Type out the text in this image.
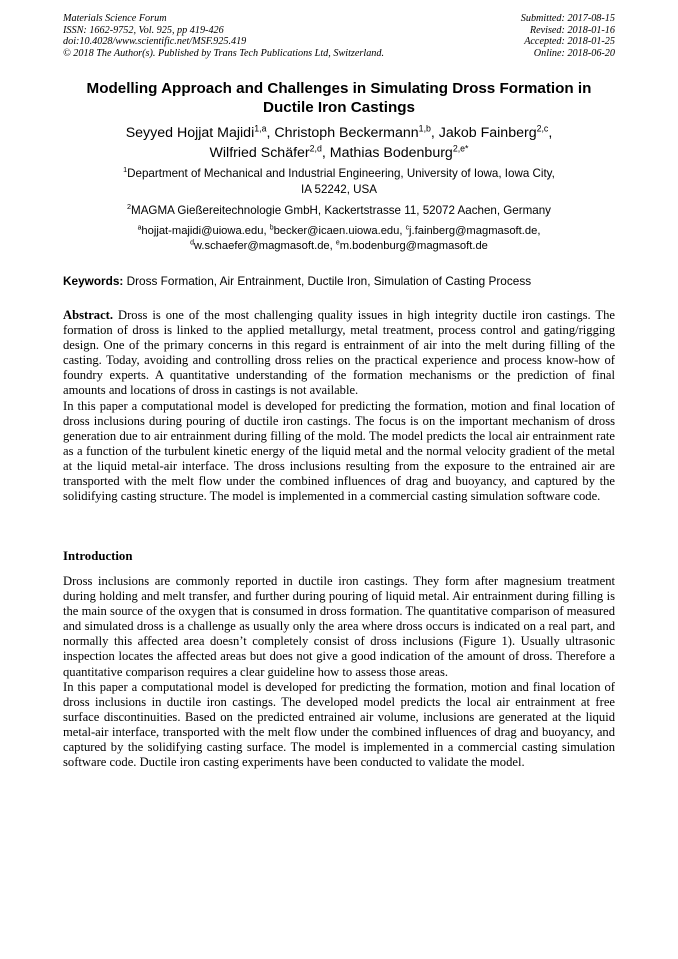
Materials Science Forum
ISSN: 1662-9752, Vol. 925, pp 419-426
doi:10.4028/www.scientific.net/MSF.925.419
© 2018 The Author(s). Published by Trans Tech Publications Ltd, Switzerland.
Submitted: 2017-08-15
Revised: 2018-01-16
Accepted: 2018-01-25
Online: 2018-06-20
Modelling Approach and Challenges in Simulating Dross Formation in Ductile Iron Castings
Seyyed Hojjat Majidi$^{1,a}$, Christoph Beckermann$^{1,b}$, Jakob Fainberg$^{2,c}$,
Wilfried Schäfer$^{2,d}$, Mathias Bodenburg$^{2,e*}$
$^1$Department of Mechanical and Industrial Engineering, University of Iowa, Iowa City,
IA 52242, USA
$^2$MAGMA Gießereitechnologie GmbH, Kackertstrasse 11, 52072 Aachen, Germany
$^a$hojjat-majidi@uiowa.edu, $^b$becker@icaen.uiowa.edu, $^c$j.fainberg@magmasoft.de,
$^d$w.schaefer@magmasoft.de, $^e$m.bodenburg@magmasoft.de
Keywords: Dross Formation, Air Entrainment, Ductile Iron, Simulation of Casting Process

Abstract. Dross is one of the most challenging quality issues in high integrity ductile iron castings. The formation of dross is linked to the applied metallurgy, metal treatment, process control and gating/rigging design. One of the primary concerns in this regard is entrainment of air into the melt during filling of the casting. Today, avoiding and controlling dross relies on the practical experience and process know-how of foundry experts. A quantitative understanding of the formation mechanisms or the prediction of final amounts and locations of dross in castings is not available.

In this paper a computational model is developed for predicting the formation, motion and final location of dross inclusions during pouring of ductile iron castings. The focus is on the important mechanism of dross generation due to air entrainment during filling of the mold. The model predicts the local air entrainment rate as a function of the turbulent kinetic energy of the liquid metal and the normal velocity gradient of the metal at the liquid metal-air interface. The dross inclusions resulting from the exposure to the entrained air are transported with the melt flow under the combined influences of drag and buoyancy, and captured by the solidifying casting structure. The model is implemented in a commercial casting simulation software code.

Introduction

Dross inclusions are commonly reported in ductile iron castings. They form after magnesium treatment during holding and melt transfer, and further during pouring of liquid metal. Air entrainment during filling is the main source of the oxygen that is consumed in dross formation. The quantitative comparison of measured and simulated dross is a challenge as usually only the area where dross occurs is indicated on a real part, and normally this affected area doesn’t completely consist of dross inclusions (Figure 1). Usually ultrasonic inspection locates the affected areas but does not give a good indication of the amount of dross. Therefore a quantitative comparison requires a clear guideline how to assess those areas.

In this paper a computational model is developed for predicting the formation, motion and final location of dross inclusions in ductile iron castings. The developed model predicts the local air entrainment at free surface discontinuities. Based on the predicted entrained air volume, inclusions are generated at the liquid metal-air interface, transported with the melt flow under the combined influences of drag and buoyancy, and captured by the solidifying casting surface. The model is implemented in a commercial casting simulation software code. Ductile iron casting experiments have been conducted to validate the model.
